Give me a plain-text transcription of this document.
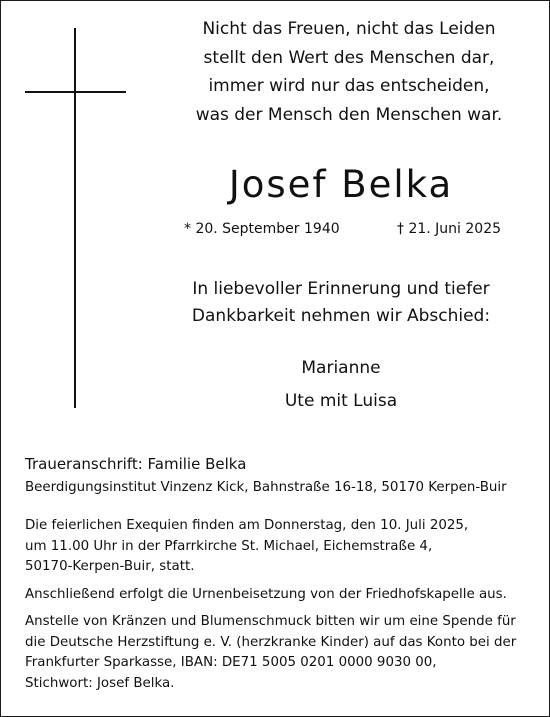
Nicht das Freuen, nicht das Leiden
stellt den Wert des Menschen dar,
immer wird nur das entscheiden,
was der Mensch den Menschen war.
Josef Belka
* 20. September 1940	† 21. Juni 2025
In liebevoller Erinnerung und tiefer
Dankbarkeit nehmen wir Abschied:
Marianne
Ute mit Luisa
Traueranschrift: Familie Belka
Beerdigungsinstitut Vinzenz Kick, Bahnstraße 16-18, 50170 Kerpen-Buir

Die feierlichen Exequien finden am Donnerstag, den 10. Juli 2025,
um 11.00 Uhr in der Pfarrkirche St. Michael, Eichemstraße 4,
50170-Kerpen-Buir, statt.

Anschließend erfolgt die Urnenbeisetzung von der Friedhofskapelle aus.

Anstelle von Kränzen und Blumenschmuck bitten wir um eine Spende für
die Deutsche Herzstiftung e. V. (herzkranke Kinder) auf das Konto bei der
Frankfurter Sparkasse, IBAN: DE71 5005 0201 0000 9030 00,
Stichwort: Josef Belka.
